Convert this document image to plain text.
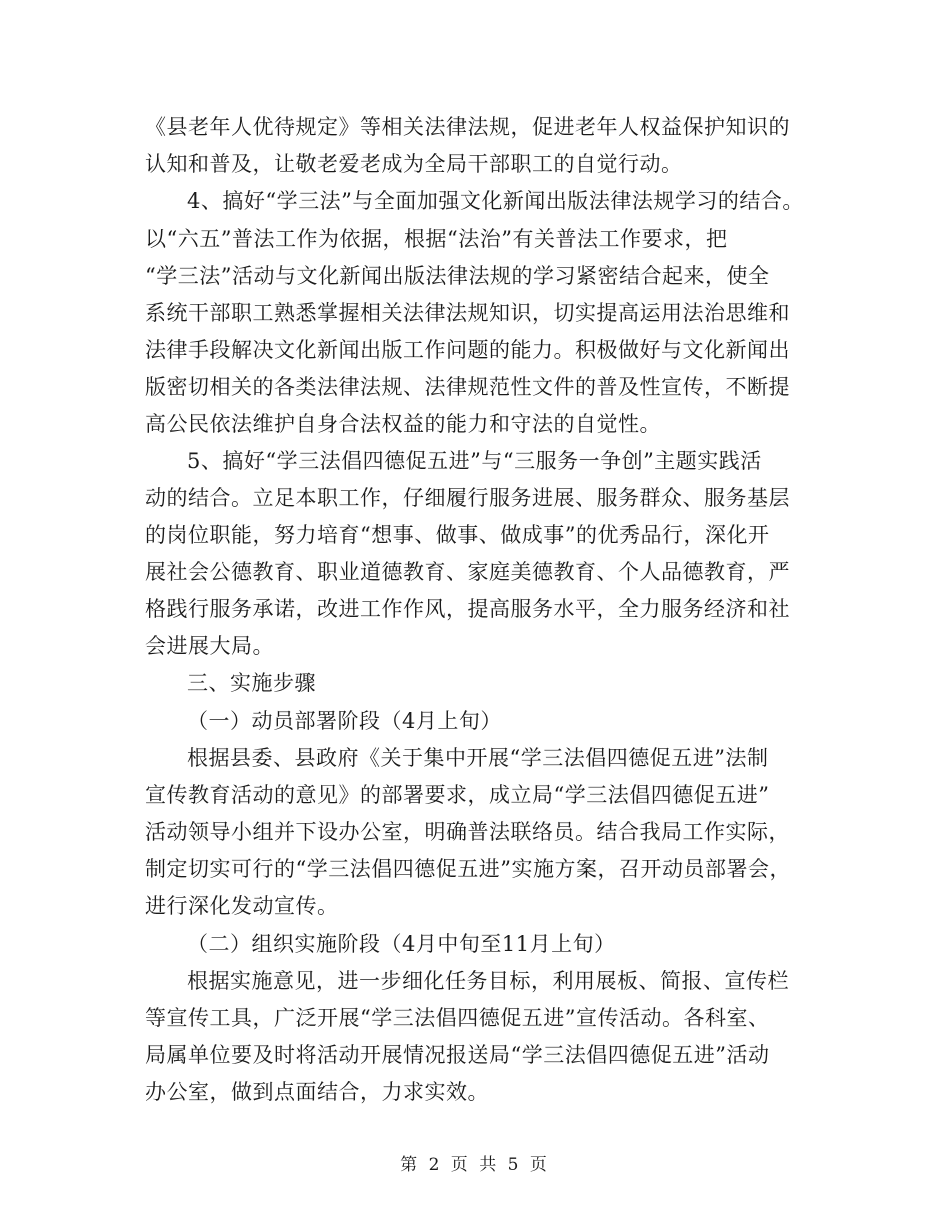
《县老年人优待规定》等相关法律法规，促进老年人权益保护知识的
认知和普及，让敬老爱老成为全局干部职工的自觉行动。
4、搞好“学三法”与全面加强文化新闻出版法律法规学习的结合。
以“六五”普法工作为依据，根据“法治”有关普法工作要求，把
“学三法”活动与文化新闻出版法律法规的学习紧密结合起来，使全
系统干部职工熟悉掌握相关法律法规知识，切实提高运用法治思维和
法律手段解决文化新闻出版工作问题的能力。积极做好与文化新闻出
版密切相关的各类法律法规、法律规范性文件的普及性宣传，不断提
高公民依法维护自身合法权益的能力和守法的自觉性。
5、搞好“学三法倡四德促五进”与“三服务一争创”主题实践活
动的结合。立足本职工作，仔细履行服务进展、服务群众、服务基层
的岗位职能，努力培育“想事、做事、做成事”的优秀品行，深化开
展社会公德教育、职业道德教育、家庭美德教育、个人品德教育，严
格践行服务承诺，改进工作作风，提高服务水平，全力服务经济和社
会进展大局。
三、实施步骤
（一）动员部署阶段（4月上旬）
根据县委、县政府《关于集中开展“学三法倡四德促五进”法制
宣传教育活动的意见》的部署要求，成立局“学三法倡四德促五进”
活动领导小组并下设办公室，明确普法联络员。结合我局工作实际，
制定切实可行的“学三法倡四德促五进”实施方案，召开动员部署会，
进行深化发动宣传。
（二）组织实施阶段（4月中旬至11月上旬）
根据实施意见，进一步细化任务目标，利用展板、简报、宣传栏
等宣传工具，广泛开展“学三法倡四德促五进”宣传活动。各科室、
局属单位要及时将活动开展情况报送局“学三法倡四德促五进”活动
办公室，做到点面结合，力求实效。
第 2 页 共 5 页
